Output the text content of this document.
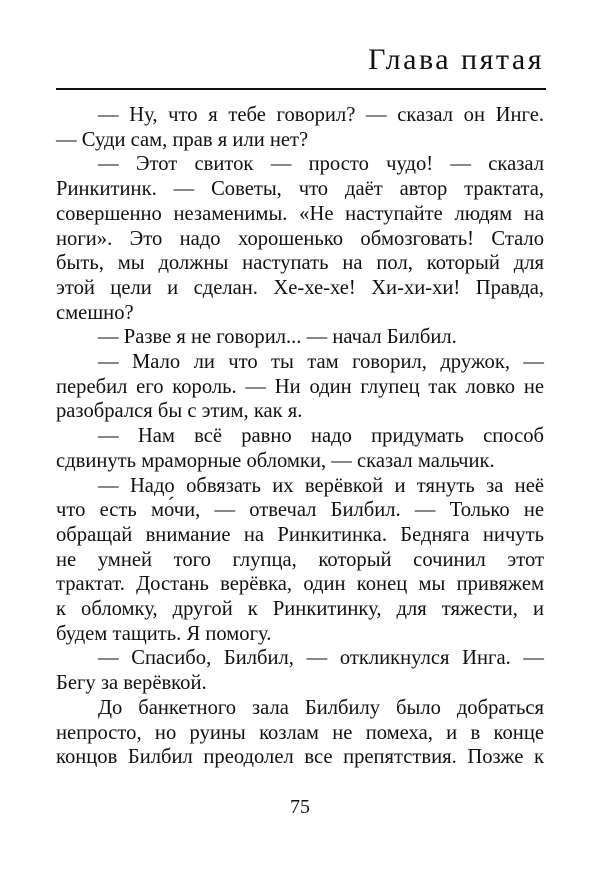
Глава пятая
— Ну, что я тебе говорил? — сказал он Инге.
— Суди сам, прав я или нет?
— Этот свиток — просто чудо! — сказал
Ринкитинк. — Советы, что даёт автор трактата,
совершенно незаменимы. «Не наступайте людям на
ноги». Это надо хорошенько обмозговать! Стало
быть, мы должны наступать на пол, который для
этой цели и сделан. Хе-хе-хе! Хи-хи-хи! Правда,
смешно?
— Разве я не говорил... — начал Билбил.
— Мало ли что ты там говорил, дружок, —
перебил его король. — Ни один глупец так ловко не
разобрался бы с этим, как я.
— Нам всё равно надо придумать способ
сдвинуть мраморные обломки, — сказал мальчик.
— Надо обвязать их верёвкой и тянуть за неё
что есть мо́чи, — отвечал Билбил. — Только не
обращай внимание на Ринкитинка. Бедняга ничуть
не умней того глупца, который сочинил этот
трактат. Достань верёвка, один конец мы привяжем
к обломку, другой к Ринкитинку, для тяжести, и
будем тащить. Я помогу.
— Спасибо, Билбил, — откликнулся Инга. —
Бегу за верёвкой.
До банкетного зала Билбилу было добраться
непросто, но руины козлам не помеха, и в конце
концов Билбил преодолел все препятствия. Позже к
75
